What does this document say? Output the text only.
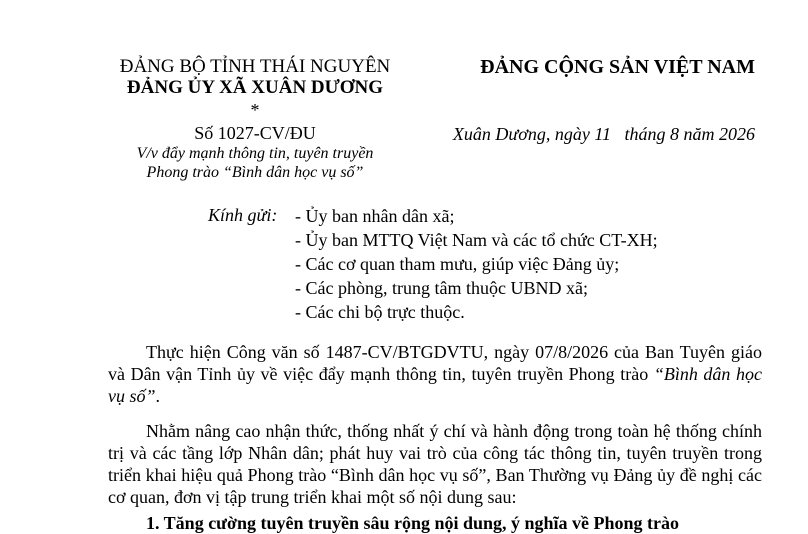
ĐẢNG BỘ TỈNH THÁI NGUYÊN
ĐẢNG ỦY XÃ XUÂN DƯƠNG
*
Số 1027-CV/ĐU
V/v đẩy mạnh thông tin, tuyên truyền
Phong trào “Bình dân học vụ số”
ĐẢNG CỘNG SẢN VIỆT NAM
Xuân Dương, ngày 11   tháng 8 năm 2026
Kính gửi: - Ủy ban nhân dân xã;
- Ủy ban MTTQ Việt Nam và các tổ chức CT-XH;
- Các cơ quan tham mưu, giúp việc Đảng ủy;
- Các phòng, trung tâm thuộc UBND xã;
- Các chi bộ trực thuộc.

Thực hiện Công văn số 1487-CV/BTGDVTU, ngày 07/8/2026 của Ban Tuyên giáo và Dân vận Tỉnh ủy về việc đẩy mạnh thông tin, tuyên truyền Phong trào “Bình dân học vụ số”.

Nhằm nâng cao nhận thức, thống nhất ý chí và hành động trong toàn hệ thống chính trị và các tầng lớp Nhân dân; phát huy vai trò của công tác thông tin, tuyên truyền trong triển khai hiệu quả Phong trào “Bình dân học vụ số”, Ban Thường vụ Đảng ủy đề nghị các cơ quan, đơn vị tập trung triển khai một số nội dung sau:

1. Tăng cường tuyên truyền sâu rộng nội dung, ý nghĩa về Phong trào
